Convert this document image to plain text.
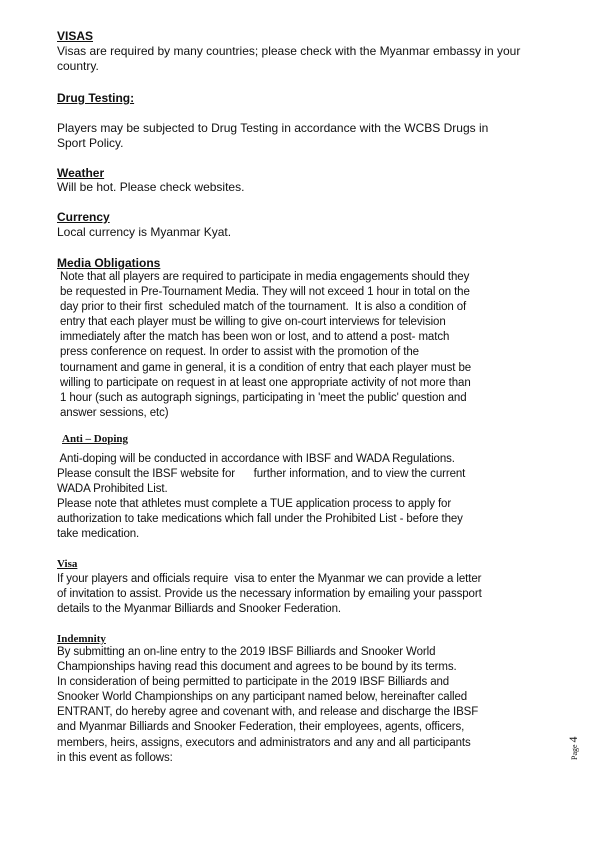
VISAS
Visas are required by many countries; please check with the Myanmar embassy in your
country.
Drug Testing:
Players may be subjected to Drug Testing in accordance with the WCBS Drugs in
Sport Policy.
Weather
Will be hot. Please check websites.
Currency
Local currency is Myanmar Kyat.
Media Obligations
Note that all players are required to participate in media engagements should they
be requested in Pre-Tournament Media. They will not exceed 1 hour in total on the
day prior to their first  scheduled match of the tournament.  It is also a condition of
entry that each player must be willing to give on-court interviews for television
immediately after the match has been won or lost, and to attend a post- match
press conference on request. In order to assist with the promotion of the
tournament and game in general, it is a condition of entry that each player must be
willing to participate on request in at least one appropriate activity of not more than
1 hour (such as autograph signings, participating in 'meet the public' question and
answer sessions, etc)
Anti – Doping
Anti-doping will be conducted in accordance with IBSF and WADA Regulations.
Please consult the IBSF website for      further information, and to view the current
WADA Prohibited List.
Please note that athletes must complete a TUE application process to apply for
authorization to take medications which fall under the Prohibited List - before they
take medication.
Visa
If your players and officials require  visa to enter the Myanmar we can provide a letter
of invitation to assist. Provide us the necessary information by emailing your passport
details to the Myanmar Billiards and Snooker Federation.
Indemnity
By submitting an on-line entry to the 2019 IBSF Billiards and Snooker World
Championships having read this document and agrees to be bound by its terms.
In consideration of being permitted to participate in the 2019 IBSF Billiards and
Snooker World Championships on any participant named below, hereinafter called
ENTRANT, do hereby agree and covenant with, and release and discharge the IBSF
and Myanmar Billiards and Snooker Federation, their employees, agents, officers,
members, heirs, assigns, executors and administrators and any and all participants
in this event as follows:	Page 4
